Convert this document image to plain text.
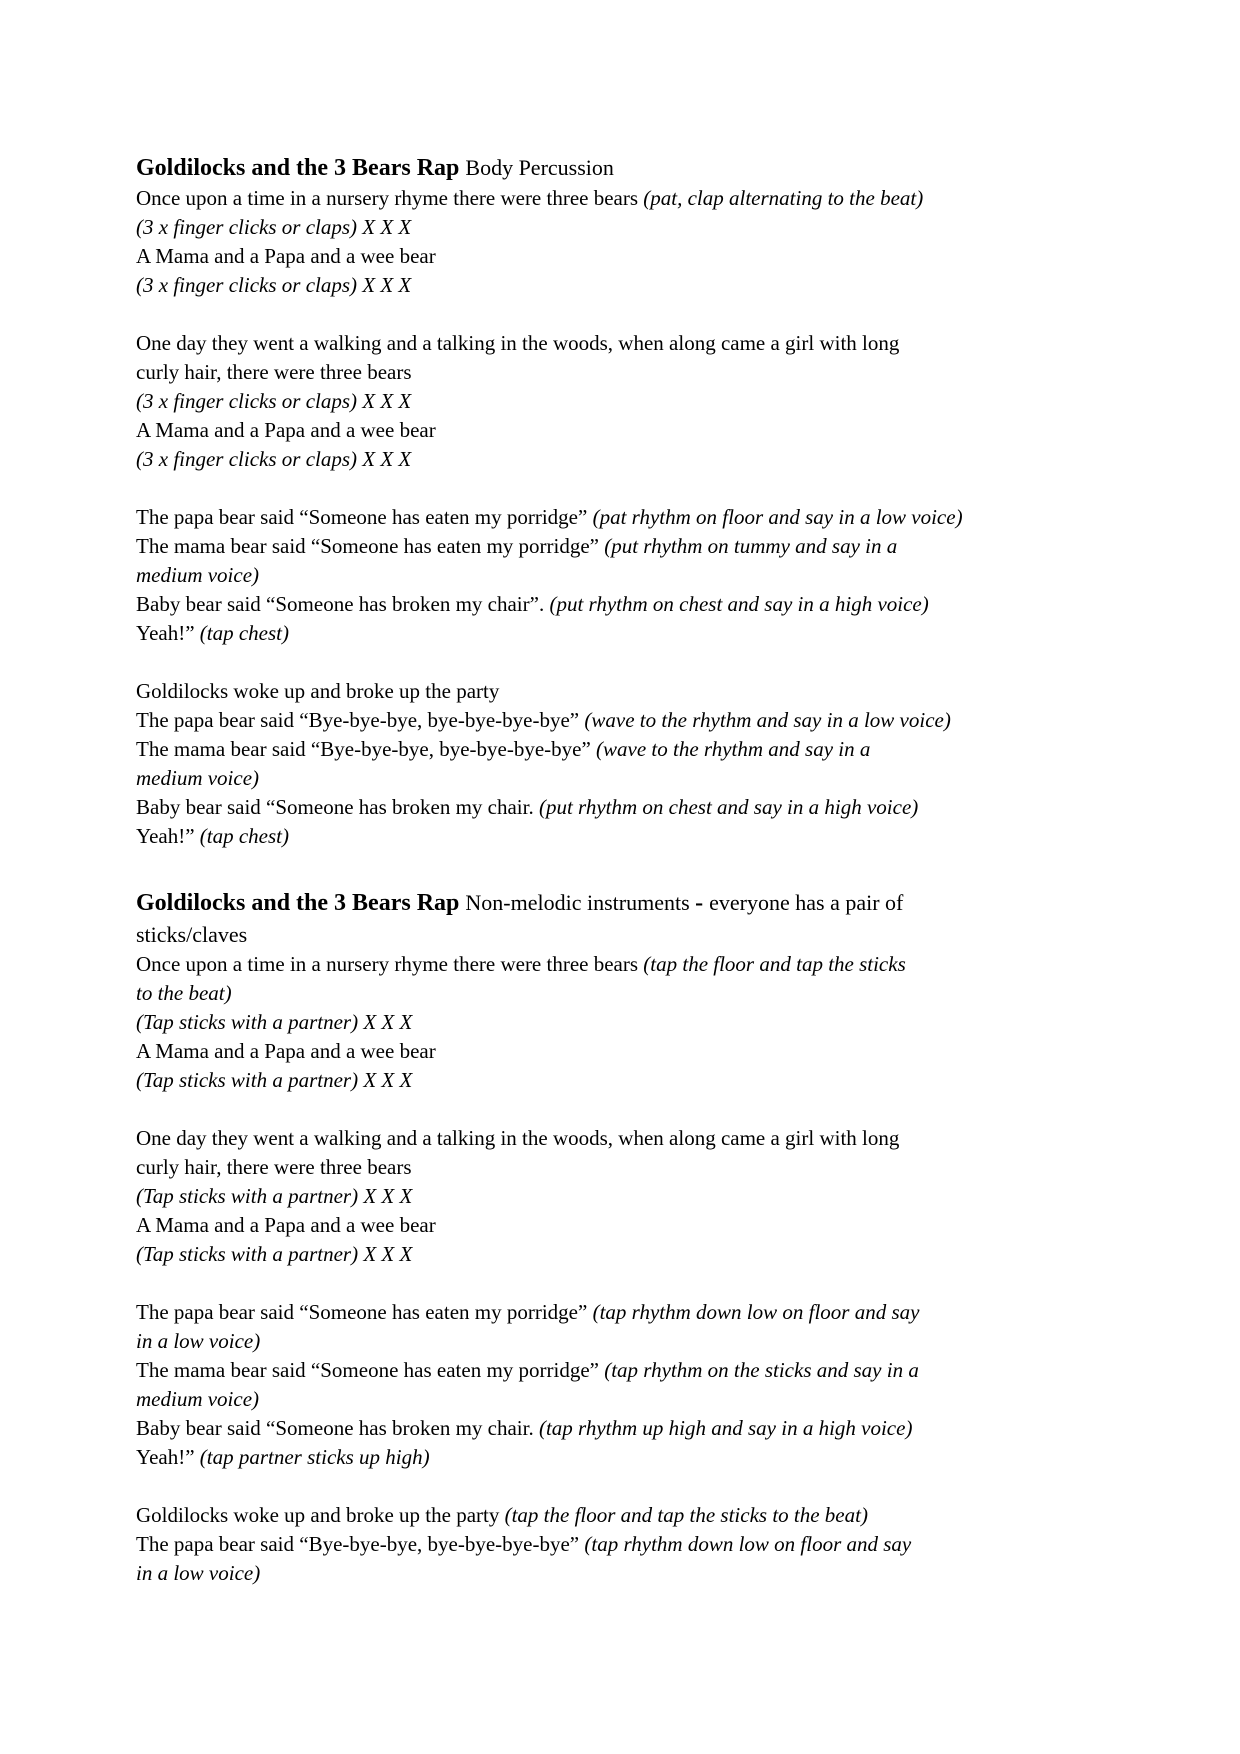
Goldilocks and the 3 Bears Rap Body Percussion

Once upon a time in a nursery rhyme there were three bears (pat, clap alternating to the beat)

(3 x finger clicks or claps) X X X

A Mama and a Papa and a wee bear

(3 x finger clicks or claps) X X X

One day they went a walking and a talking in the woods, when along came a girl with long
curly hair, there were three bears

(3 x finger clicks or claps) X X X

A Mama and a Papa and a wee bear

(3 x finger clicks or claps) X X X

The papa bear said “Someone has eaten my porridge” (pat rhythm on floor and say in a low voice)

The mama bear said “Someone has eaten my porridge” (put rhythm on tummy and say in a
medium voice)

Baby bear said “Someone has broken my chair”. (put rhythm on chest and say in a high voice)

Yeah!” (tap chest)

Goldilocks woke up and broke up the party

The papa bear said “Bye-bye-bye, bye-bye-bye-bye” (wave to the rhythm and say in a low voice)

The mama bear said “Bye-bye-bye, bye-bye-bye-bye” (wave to the rhythm and say in a
medium voice)

Baby bear said “Someone has broken my chair. (put rhythm on chest and say in a high voice)

Yeah!” (tap chest)

Goldilocks and the 3 Bears Rap Non-melodic instruments - everyone has a pair of
sticks/claves

Once upon a time in a nursery rhyme there were three bears (tap the floor and tap the sticks
to the beat)

(Tap sticks with a partner) X X X

A Mama and a Papa and a wee bear

(Tap sticks with a partner) X X X

One day they went a walking and a talking in the woods, when along came a girl with long
curly hair, there were three bears

(Tap sticks with a partner) X X X

A Mama and a Papa and a wee bear

(Tap sticks with a partner) X X X

The papa bear said “Someone has eaten my porridge” (tap rhythm down low on floor and say
in a low voice)

The mama bear said “Someone has eaten my porridge” (tap rhythm on the sticks and say in a
medium voice)

Baby bear said “Someone has broken my chair. (tap rhythm up high and say in a high voice)

Yeah!” (tap partner sticks up high)

Goldilocks woke up and broke up the party (tap the floor and tap the sticks to the beat)

The papa bear said “Bye-bye-bye, bye-bye-bye-bye” (tap rhythm down low on floor and say
in a low voice)
